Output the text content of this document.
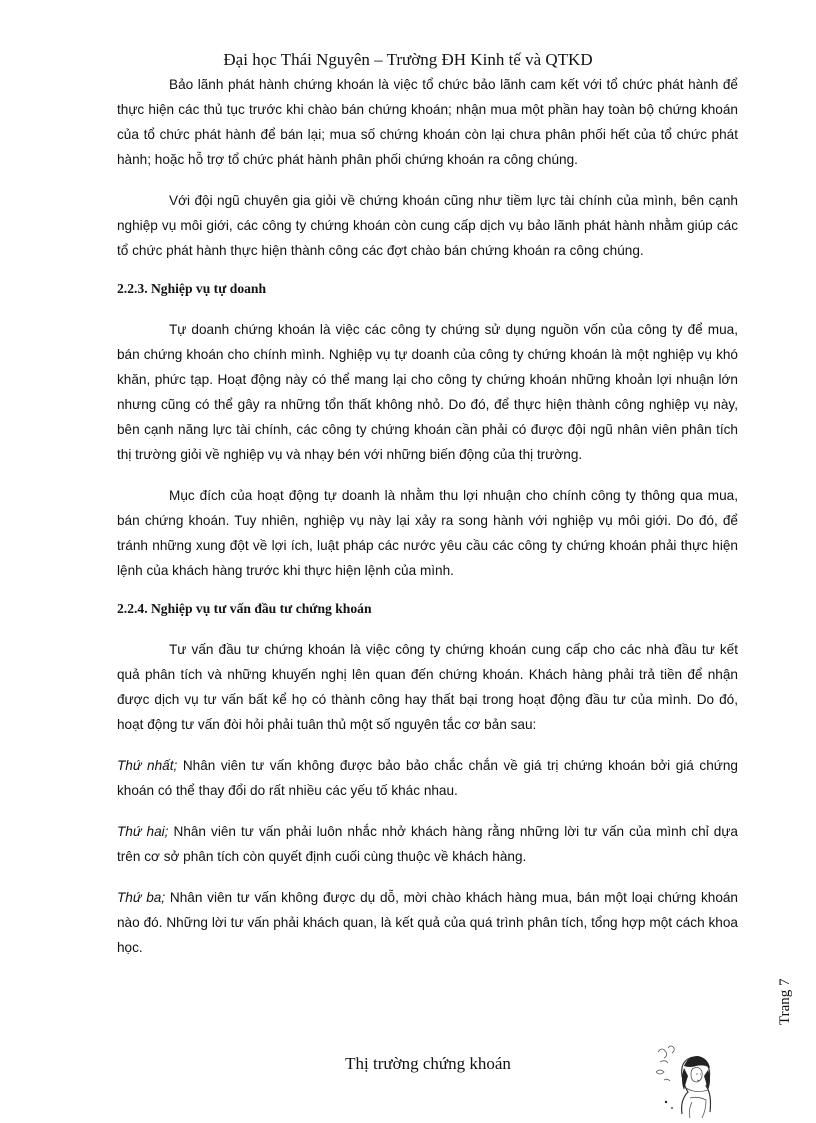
Đại học Thái Nguyên – Trường ĐH Kinh tế và QTKD

Bảo lãnh phát hành chứng khoán là việc tổ chức bảo lãnh cam kết với tổ chức phát hành để thực hiện các thủ tục trước khi chào bán chứng khoán; nhận mua một phần hay toàn bộ chứng khoán của tổ chức phát hành để bán lại; mua số chứng khoán còn lại chưa phân phối hết của tổ chức phát hành; hoặc hỗ trợ tổ chức phát hành phân phối chứng khoán ra công chúng.

Với đội ngũ chuyên gia giỏi về chứng khoán cũng như tiềm lực tài chính của mình, bên cạnh nghiệp vụ môi giới, các công ty chứng khoán còn cung cấp dịch vụ bảo lãnh phát hành nhằm giúp các tổ chức phát hành thực hiện thành công các đợt chào bán chứng khoán ra công chúng.

2.2.3. Nghiệp vụ tự doanh

Tự doanh chứng khoán là việc các công ty chứng sử dụng nguồn vốn của công ty để mua, bán chứng khoán cho chính mình. Nghiệp vụ tự doanh của công ty chứng khoán là một nghiệp vụ khó khăn, phức tạp. Hoạt động này có thể mang lại cho công ty chứng khoán những khoản lợi nhuận lớn nhưng cũng có thể gây ra những tổn thất không nhỏ. Do đó, để thực hiện thành công nghiệp vụ này, bên cạnh năng lực tài chính, các công ty chứng khoán cần phải có được đội ngũ nhân viên phân tích thị trường giỏi về nghiệp vụ và nhạy bén với những biến động của thị trường.

Mục đích của hoạt động tự doanh là nhằm thu lợi nhuận cho chính công ty thông qua mua, bán chứng khoán. Tuy nhiên, nghiệp vụ này lại xảy ra song hành với nghiệp vụ môi giới. Do đó, để tránh những xung đột về lợi ích, luật pháp các nước yêu cầu các công ty chứng khoán phải thực hiện lệnh của khách hàng trước khi thực hiện lệnh của mình.

2.2.4. Nghiệp vụ tư vấn đầu tư chứng khoán

Tư vấn đầu tư chứng khoán là việc công ty chứng khoán cung cấp cho các nhà đầu tư kết quả phân tích và những khuyến nghị lên quan đến chứng khoán. Khách hàng phải trả tiền để nhận được dịch vụ tư vấn bất kể họ có thành công hay thất bại trong hoạt động đầu tư của mình. Do đó, hoạt động tư vấn đòi hỏi phải tuân thủ một số nguyên tắc cơ bản sau:

Thứ nhất; Nhân viên tư vấn không được bảo bảo chắc chắn về giá trị chứng khoán bởi giá chứng khoán có thể thay đổi do rất nhiều các yếu tố khác nhau.

Thứ hai; Nhân viên tư vấn phải luôn nhắc nhở khách hàng rằng những lời tư vấn của mình chỉ dựa trên cơ sở phân tích còn quyết định cuối cùng thuộc về khách hàng.

Thứ ba; Nhân viên tư vấn không được dụ dỗ, mời chào khách hàng mua, bán một loại chứng khoán nào đó. Những lời tư vấn phải khách quan, là kết quả của quá trình phân tích, tổng hợp một cách khoa học.

Trang 7
Thị trường chứng khoán
